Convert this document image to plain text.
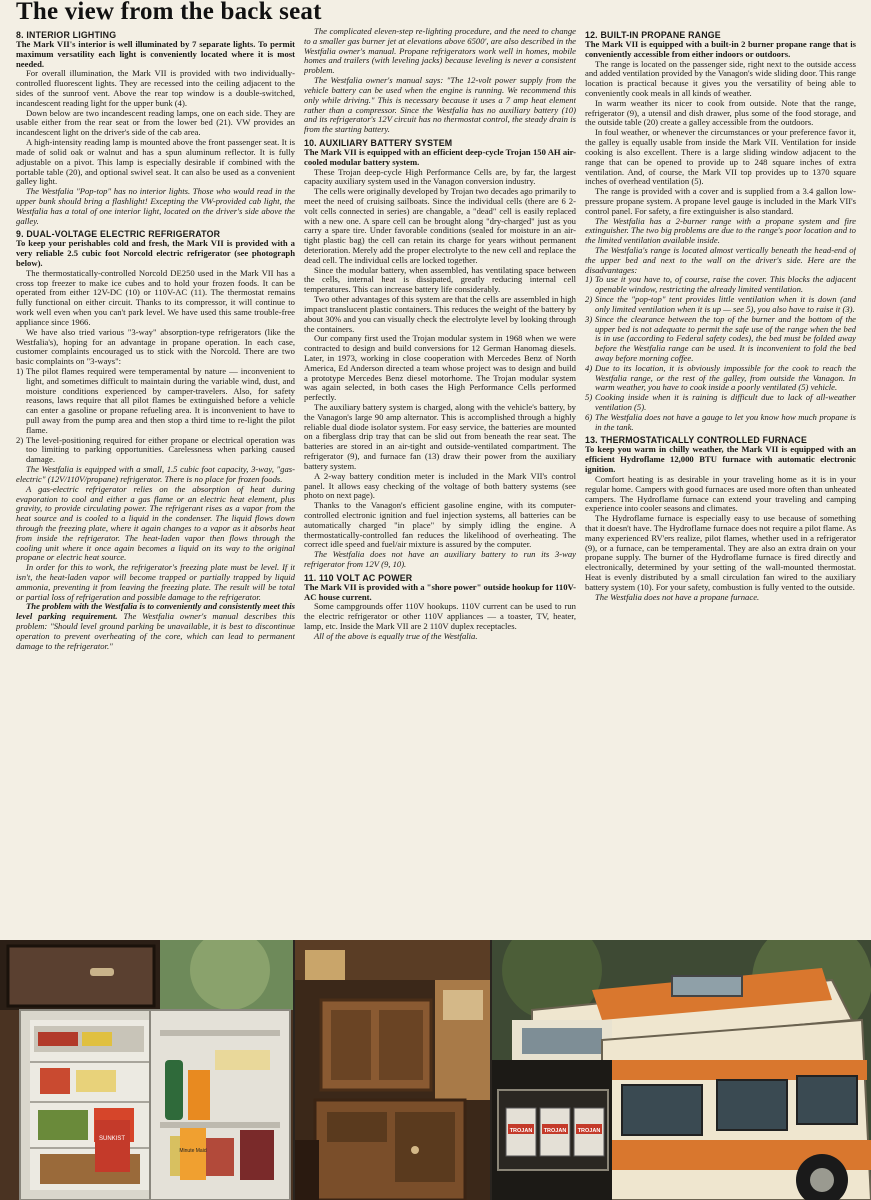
The view from the back seat
8. INTERIOR LIGHTING

The Mark VII's interior is well illuminated by 7 separate lights. To permit maximum versatility each light is conveniently located where it is most needed.

For overall illumination, the Mark VII is provided with two individually-controlled fluorescent lights. They are recessed into the ceiling adjacent to the sides of the sunroof vent. Above the rear top window is a double-switched, incandescent reading light for the upper bunk (4).

Down below are two incandescent reading lamps, one on each side. They are usable either from the rear seat or from the lower bed (21). VW provides an incandescent light on the driver's side of the cab area.

A high-intensity reading lamp is mounted above the front passenger seat. It is made of solid oak or walnut and has a spun aluminum reflector. It is fully adjustable on a pivot. This lamp is especially desirable if combined with the portable table (20), and optional swivel seat. It can also be used as a convenient galley light.

The Westfalia "Pop-top" has no interior lights. Those who would read in the upper bunk should bring a flashlight! Excepting the VW-provided cab light, the Westfalia has a total of one interior light, located on the driver's side above the galley.

9. DUAL-VOLTAGE ELECTRIC REFRIGERATOR

To keep your perishables cold and fresh, the Mark VII is provided with a very reliable 2.5 cubic foot Norcold electric refrigerator (see photograph below).

The thermostatically-controlled Norcold DE250 used in the Mark VII has a cross top freezer to make ice cubes and to hold your frozen foods. It can be operated from either 12V-DC (10) or 110V-AC (11). The thermostat remains fully functional on either circuit. Thanks to its compressor, it will continue to work well even when you can't park level. We have used this same trouble-free appliance since 1966.

We have also tried various "3-way" absorption-type refrigerators (like the Westfalia's), hoping for an advantage in propane operation. In each case, customer complaints encouraged us to stick with the Norcold. There are two basic complaints on "3-ways":

1) The pilot flames required were temperamental by nature — inconvenient to light, and sometimes difficult to maintain during the variable wind, dust, and moisture conditions experienced by camper-travelers. Also, for safety reasons, laws require that all pilot flames be extinguished before a vehicle can enter a gasoline or propane refueling area. It is inconvenient to have to pull away from the pump area and then stop a third time to re-light the pilot flame.
2) The level-positioning required for either propane or electrical operation was too limiting to parking opportunities. Carelessness when parking caused damage.

The Westfalia is equipped with a small, 1.5 cubic foot capacity, 3-way, "gas-electric" (12V/110V/propane) refrigerator. There is no place for frozen foods.

A gas-electric refrigerator relies on the absorption of heat during evaporation to cool and either a gas flame or an electric heat element, plus gravity, to provide circulating power. The refrigerant rises as a vapor from the heat source and is cooled to a liquid in the condenser. The liquid flows down through the freezing plate, where it again changes to a vapor as it absorbs heat from inside the refrigerator. The heat-laden vapor then flows through the cooling unit where it once again becomes a liquid on its way to the original propane or electric heat source.

In order for this to work, the refrigerator's freezing plate must be level. If it isn't, the heat-laden vapor will become trapped or partially trapped by liquid ammonia, preventing it from leaving the freezing plate. The result will be total or partial loss of refrigeration and possible damage to the refrigerator.

The problem with the Westfalia is to conveniently and consistently meet this level parking requirement. The Westfalia owner's manual describes this problem: "Should level ground parking be unavailable, it is best to discontinue operation to prevent overheating of the core, which can lead to permanent damage to the refrigerator."

The complicated eleven-step re-lighting procedure, and the need to change to a smaller gas burner jet at elevations above 6500', are also described in the Westfalia owner's manual. Propane refrigerators work well in homes, mobile homes and trailers (with leveling jacks) because leveling is never a consistent problem.

The Westfalia owner's manual says: "The 12-volt power supply from the vehicle battery can be used when the engine is running. We recommend this only while driving." This is necessary because it uses a 7 amp heat element rather than a compressor. Since the Westfalia has no auxiliary battery (10) and its refrigerator's 12V circuit has no thermostat control, the steady drain is from the starting battery.

10. AUXILIARY BATTERY SYSTEM

The Mark VII is equipped with an efficient deep-cycle Trojan 150 AH air-cooled modular battery system.

These Trojan deep-cycle High Performance Cells are, by far, the largest capacity auxiliary system used in the Vanagon conversion industry.

The cells were originally developed by Trojan two decades ago primarily to meet the need of cruising sailboats. Since the individual cells (there are 6 2-volt cells connected in series) are changable, a "dead" cell is easily replaced with a new one. A spare cell can be brought along "dry-charged" just as you carry a spare tire. Under favorable conditions (sealed for moisture in an air-tight plastic bag) the cell can retain its charge for years without permanent deterioration. Merely add the proper electrolyte to the new cell and replace the dead cell. The individual cells are locked together.

Since the modular battery, when assembled, has ventilating space between the cells, internal heat is dissipated, greatly reducing internal cell temperatures. This can increase battery life considerably.

Two other advantages of this system are that the cells are assembled in high impact translucent plastic containers. This reduces the weight of the battery by about 30% and you can visually check the electrolyte level by looking through the containers.

Our company first used the Trojan modular system in 1968 when we were contracted to design and build conversions for 12 German Hanomag diesels. Later, in 1973, working in close cooperation with Mercedes Benz of North America, Ed Anderson directed a team whose project was to design and build a prototype Mercedes Benz diesel motorhome. The Trojan modular system was again selected, in both cases the High Performance Cells performed perfectly.

The auxiliary battery system is charged, along with the vehicle's battery, by the Vanagon's large 90 amp alternator. This is accomplished through a highly reliable dual diode isolator system. For easy service, the batteries are mounted on a fiberglass drip tray that can be slid out from beneath the rear seat. The batteries are stored in an air-tight and outside-ventilated compartment. The refrigerator (9), and furnace fan (13) draw their power from the auxiliary battery system.

A 2-way battery condition meter is included in the Mark VII's control panel. It allows easy checking of the voltage of both battery systems (see photo on next page).

Thanks to the Vanagon's efficient gasoline engine, with its computer-controlled electronic ignition and fuel injection systems, all batteries can be automatically charged "in place" by simply idling the engine. A thermostatically-controlled fan reduces the likelihood of overheating. The correct idle speed and fuel/air mixture is assured by the computer.

The Westfalia does not have an auxiliary battery to run its 3-way refrigerator from 12V (9, 10).

11. 110 VOLT AC POWER

The Mark VII is provided with a "shore power" outside hookup for 110V-AC house current.

Some campgrounds offer 110V hookups. 110V current can be used to run the electric refrigerator or other 110V appliances — a toaster, TV, heater, lamp, etc. Inside the Mark VII are 2 110V duplex receptacles.

All of the above is equally true of the Westfalia.

12. BUILT-IN PROPANE RANGE

The Mark VII is equipped with a built-in 2 burner propane range that is conveniently accessible from either indoors or outdoors.

The range is located on the passenger side, right next to the outside access and added ventilation provided by the Vanagon's wide sliding door. This range location is practical because it gives you the versatility of being able to conveniently cook meals in all kinds of weather.

In warm weather its nicer to cook from outside. Note that the range, refrigerator (9), a utensil and dish drawer, plus some of the food storage, and the outside table (20) create a galley accessible from the outdoors.

In foul weather, or whenever the circumstances or your preference favor it, the galley is equally usable from inside the Mark VII. Ventilation for inside cooking is also excellent. There is a large sliding window adjacent to the range that can be opened to provide up to 248 square inches of extra ventilation. And, of course, the Mark VII top provides up to 1370 square inches of overhead ventilation (5).

The range is provided with a cover and is supplied from a 3.4 gallon low-pressure propane system. A propane level gauge is included in the Mark VII's control panel. For safety, a fire extinguisher is also standard.

The Westfalia has a 2-burner range with a propane system and fire extinguisher. The two big problems are due to the range's poor location and to the limited ventilation available inside.

The Westfalia's range is located almost vertically beneath the head-end of the upper bed and next to the wall on the driver's side. Here are the disadvantages:

1) To use it you have to, of course, raise the cover. This blocks the adjacent openable window, restricting the already limited ventilation.
2) Since the "pop-top" tent provides little ventilation when it is down (and only limited ventilation when it is up — see 5), you also have to raise it (3).
3) Since the clearance between the top of the burner and the bottom of the upper bed is not adequate to permit the safe use of the range when the bed is in use (according to Federal safety codes), the bed must be folded away before the Westfalia range can be used. It is inconvenient to fold the bed away before morning coffee.
4) Due to its location, it is obviously impossible for the cook to reach the Westfalia range, or the rest of the galley, from outside the Vanagon. In warm weather, you have to cook inside a poorly ventilated (5) vehicle.
5) Cooking inside when it is raining is difficult due to lack of all-weather ventilation (5).
6) The Westfalia does not have a gauge to let you know how much propane is in the tank.
13. THERMOSTATICALLY CONTROLLED FURNACE

To keep you warm in chilly weather, the Mark VII is equipped with an efficient Hydroflame 12,000 BTU furnace with automatic electronic ignition.

Comfort heating is as desirable in your traveling home as it is in your regular home. Campers with good furnaces are used more often than unheated campers. The Hydroflame furnace can extend your traveling and camping experience into cooler seasons and climates.

The Hydroflame furnace is especially easy to use because of something that it doesn't have. The Hydroflame furnace does not require a pilot flame. As many experienced RV'ers realize, pilot flames, whether used in a refrigerator (9), or a furnace, can be temperamental. They are also an extra drain on your propane supply. The burner of the Hydroflame furnace is fired directly and electronically, determined by your setting of the wall-mounted thermostat. Heat is evenly distributed by a small circulation fan wired to the auxiliary battery system (10). For your safety, combustion is fully vented to the outside.

The Westfalia does not have a propane furnace.

SUNKIST
Minute Maid
TROJAN TROJAN TROJAN
